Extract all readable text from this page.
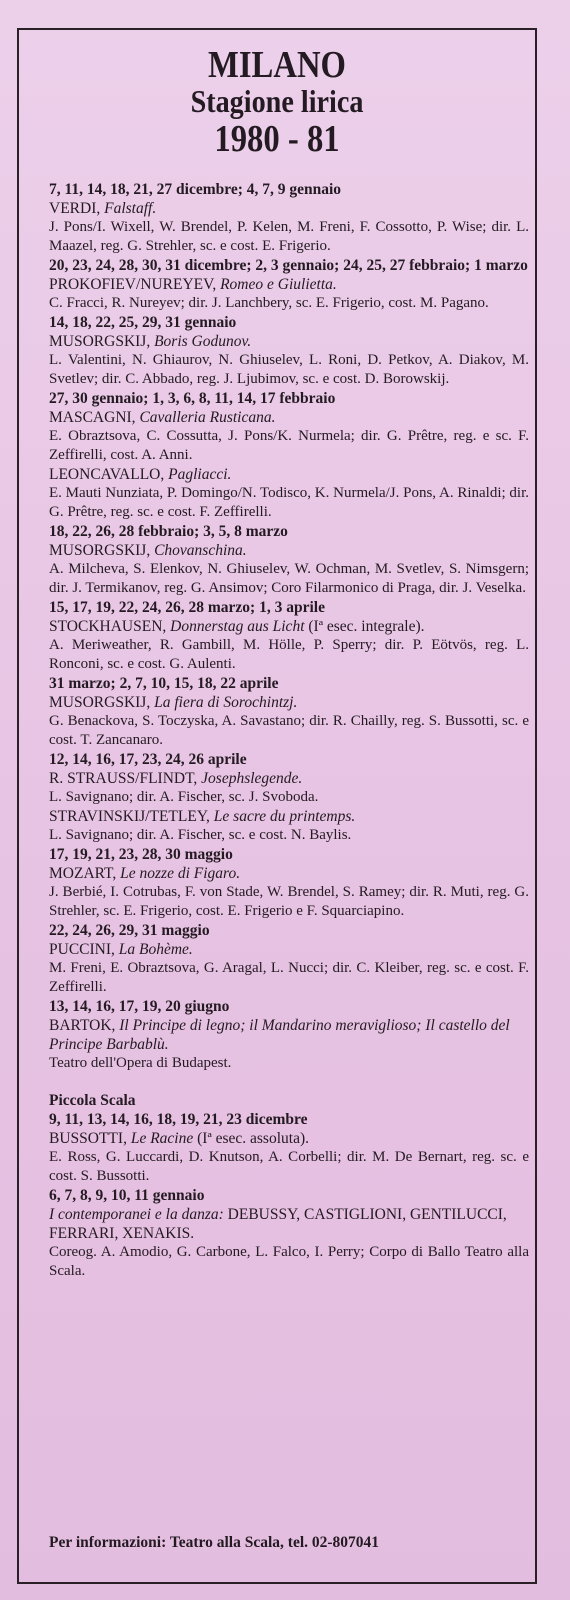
MILANO
Stagione lirica
1980 - 81
7, 11, 14, 18, 21, 27 dicembre; 4, 7, 9 gennaio
VERDI, Falstaff.
J. Pons/I. Wixell, W. Brendel, P. Kelen, M. Freni, F. Cossotto, P. Wise; dir. L. Maazel, reg. G. Strehler, sc. e cost. E. Frigerio.
20, 23, 24, 28, 30, 31 dicembre; 2, 3 gennaio; 24, 25, 27 febbraio; 1 marzo
PROKOFIEV/NUREYEV, Romeo e Giulietta.
C. Fracci, R. Nureyev; dir. J. Lanchbery, sc. E. Frigerio, cost. M. Pagano.
14, 18, 22, 25, 29, 31 gennaio
MUSORGSKIJ, Boris Godunov.
L. Valentini, N. Ghiaurov, N. Ghiuselev, L. Roni, D. Petkov, A. Diakov, M. Svetlev; dir. C. Abbado, reg. J. Ljubimov, sc. e cost. D. Borowskij.
27, 30 gennaio; 1, 3, 6, 8, 11, 14, 17 febbraio
MASCAGNI, Cavalleria Rusticana.
E. Obraztsova, C. Cossutta, J. Pons/K. Nurmela; dir. G. Prêtre, reg. e sc. F. Zeffirelli, cost. A. Anni.
LEONCAVALLO, Pagliacci.
E. Mauti Nunziata, P. Domingo/N. Todisco, K. Nurmela/J. Pons, A. Rinaldi; dir. G. Prêtre, reg. sc. e cost. F. Zeffirelli.
18, 22, 26, 28 febbraio; 3, 5, 8 marzo
MUSORGSKIJ, Chovanschina.
A. Milcheva, S. Elenkov, N. Ghiuselev, W. Ochman, M. Svetlev, S. Nimsgern; dir. J. Termikanov, reg. G. Ansimov; Coro Filarmonico di Praga, dir. J. Veselka.
15, 17, 19, 22, 24, 26, 28 marzo; 1, 3 aprile
STOCKHAUSEN, Donnerstag aus Licht (Iª esec. integrale).
A. Meriweather, R. Gambill, M. Hölle, P. Sperry; dir. P. Eötvös, reg. L. Ronconi, sc. e cost. G. Aulenti.
31 marzo; 2, 7, 10, 15, 18, 22 aprile
MUSORGSKIJ, La fiera di Sorochintzj.
G. Benackova, S. Toczyska, A. Savastano; dir. R. Chailly, reg. S. Bussotti, sc. e cost. T. Zancanaro.
12, 14, 16, 17, 23, 24, 26 aprile
R. STRAUSS/FLINDT, Josephslegende.
L. Savignano; dir. A. Fischer, sc. J. Svoboda.
STRAVINSKIJ/TETLEY, Le sacre du printemps.
L. Savignano; dir. A. Fischer, sc. e cost. N. Baylis.
17, 19, 21, 23, 28, 30 maggio
MOZART, Le nozze di Figaro.
J. Berbié, I. Cotrubas, F. von Stade, W. Brendel, S. Ramey; dir. R. Muti, reg. G. Strehler, sc. E. Frigerio, cost. E. Frigerio e F. Squarciapino.
22, 24, 26, 29, 31 maggio
PUCCINI, La Bohème.
M. Freni, E. Obraztsova, G. Aragal, L. Nucci; dir. C. Kleiber, reg. sc. e cost. F. Zeffirelli.
13, 14, 16, 17, 19, 20 giugno
BARTOK, Il Principe di legno; il Mandarino meraviglioso; Il castello del Principe Barbablù.
Teatro dell'Opera di Budapest.
Piccola Scala
9, 11, 13, 14, 16, 18, 19, 21, 23 dicembre
BUSSOTTI, Le Racine (Iª esec. assoluta).
E. Ross, G. Luccardi, D. Knutson, A. Corbelli; dir. M. De Bernart, reg. sc. e cost. S. Bussotti.
6, 7, 8, 9, 10, 11 gennaio
I contemporanei e la danza: DEBUSSY, CASTIGLIONI, GENTILUCCI, FERRARI, XENAKIS.
Coreog. A. Amodio, G. Carbone, L. Falco, I. Perry; Corpo di Ballo Teatro alla Scala.
Per informazioni: Teatro alla Scala, tel. 02-807041
